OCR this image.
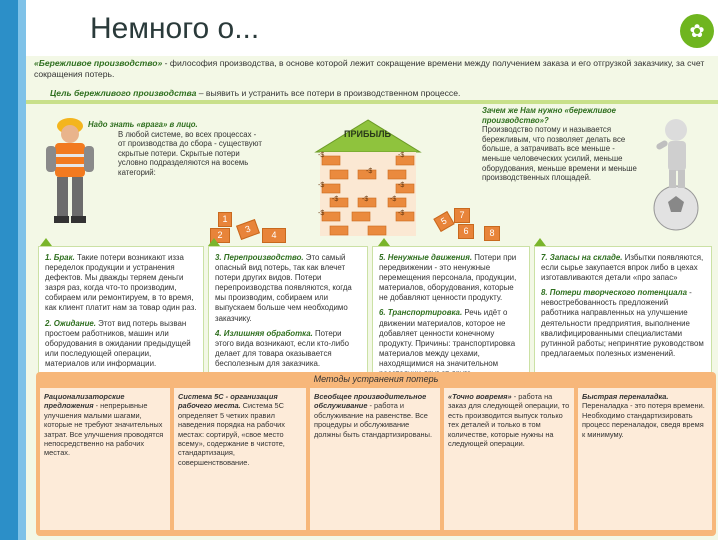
Немного о...	✿
«Бережливое производство» - философия производства, в основе которой лежит сокращение времени между получением заказа и его отгрузкой заказчику, за счет сокращения потерь.
Цель бережливого производства – выявить и устранить все потери в производственном процессе.
Надо знать «врага» в лицо.
В любой системе, во всех процессах - от производства до сбора - существуют скрытые потери. Скрытые потери условно подразделяются на восемь категорий:
ПРИБЫЛЬ
-$	-$
-$
-$	-$
-$	-$	-$
-$	-$
1
2
3
4
5
6
7
8
Зачем же Нам нужно «бережливое производство»?
Производство потому и называется бережливым, что позволяет делать все больше, а затрачивать все меньше - меньше человеческих усилий, меньше оборудования, меньше времени и меньше производственных площадей.
1. Брак. Такие потери возникают изза переделок продукции и устранения дефектов. Мы дважды теряем деньги зазря раз, когда что-то производим, собираем или ремонтируем, в то время, как клиент платит нам за товар один раз.
2. Ожидание. Этот вид потерь вызван простоем работников, машин или оборудования в ожидании предыдущей или последующей операции, материалов или информации.
3. Перепроизводство. Это самый опасный вид потерь, так как влечет потери других видов. Потери перепроизводства появляются, когда мы производим, собираем или выпускаем больше чем необходимо заказчику.
4. Излишняя обработка. Потери этого вида возникают, если кто-либо делает для товара оказывается бесполезным для заказчика.
5. Ненужные движения. Потери при передвижении - это ненужные перемещения персонала, продукции, материалов, оборудования, которые не добавляют ценности продукту.
6. Транспортировка. Речь идёт о движении материалов, которое не добавляет ценности конечному продукту. Причины: транспортировка материалов между цехами, находящимися на значительном
7. Запасы на складе. Избытки появляются, если сырье закупается впрок либо в цехах изготавливаются детали «про запас»
8. Потери творческого потенциала - невостребованность предложений работника направленных на улучшение деятельности предприятия, выполнение квалифицированными специалистами рутинной работы; непринятие руководством предлагаемых полезных изменений.
Методы устранения потерь
Рационализаторские предложения - непрерывные улучшения малыми шагами, которые не требуют значительных затрат. Все улучшения проводятся непосредственно на рабочих местах.
Система 5С - организация рабочего места. Система 5С определяет 5 четких правил наведения порядка на рабочих местах: сортируй, «свое место всему», содержание в чистоте, стандартизация, совершенствование.
Всеобщее производительное обслуживание - работа и обслуживание на равенстве. Все процедуры и обслуживание должны быть стандартизированы.
«Точно вовремя» - работа на заказ для следующей операции, то есть производится выпуск только тех деталей и только в том количестве, которые нужны на следующей операции.
Быстрая переналадка. Переналадка - это потеря времени. Необходимо стандартизировать процесс переналадок, сведя время к минимуму.
